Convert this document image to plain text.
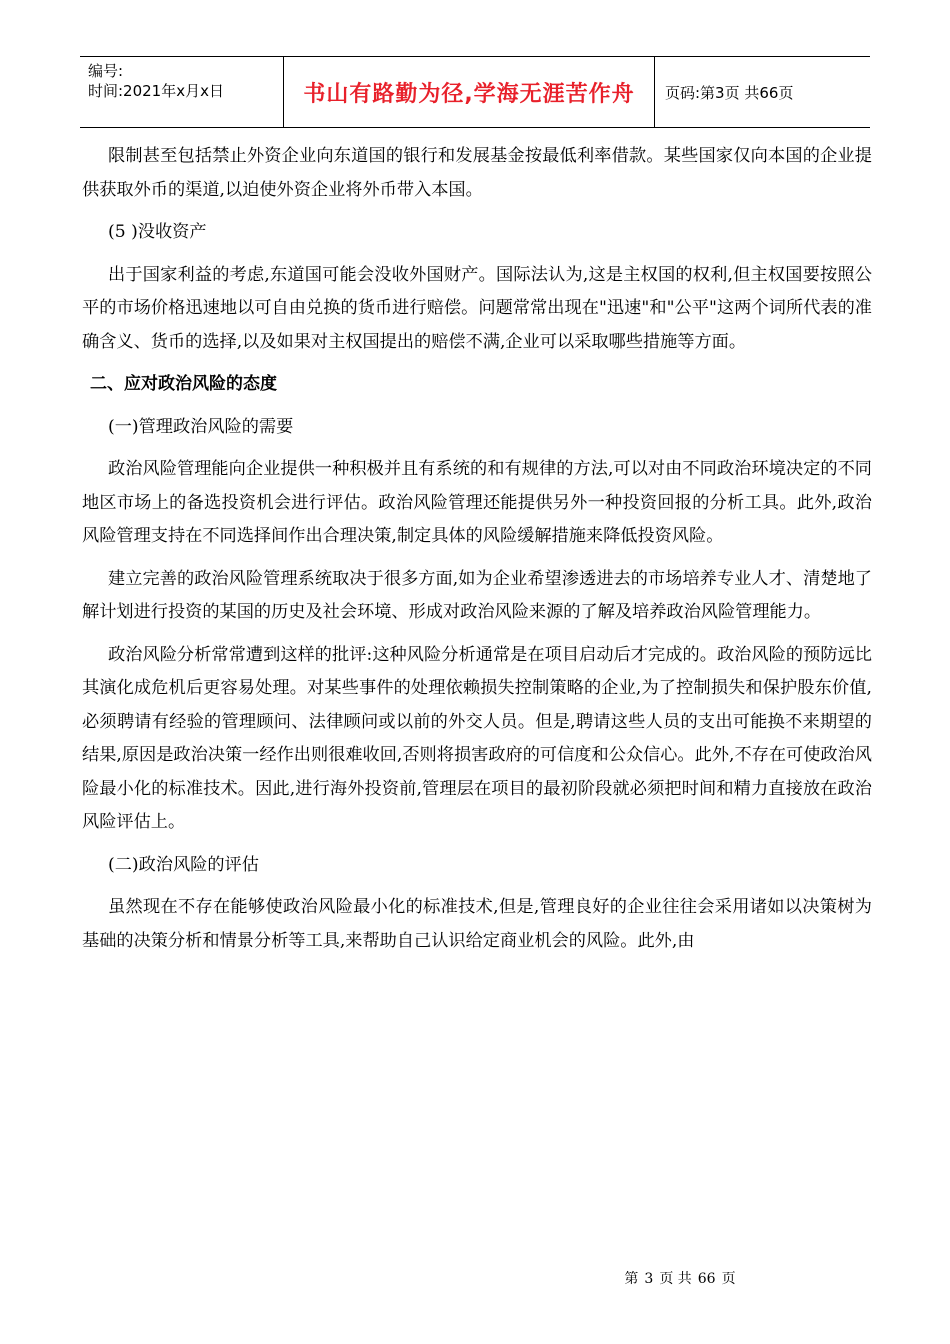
编号:
时间:2021年x月x日	书山有路勤为径,学海无涯苦作舟	页码:第3页 共66页

限制甚至包括禁止外资企业向东道国的银行和发展基金按最低利率借款。某些国家仅向本国的企业提供获取外币的渠道,以迫使外资企业将外币带入本国。

(5 )没收资产

出于国家利益的考虑,东道国可能会没收外国财产。国际法认为,这是主权国的权利,但主权国要按照公平的市场价格迅速地以可自由兑换的货币进行赔偿。问题常常出现在"迅速"和"公平"这两个词所代表的准确含义、货币的选择,以及如果对主权国提出的赔偿不满,企业可以采取哪些措施等方面。

二、应对政治风险的态度

(一)管理政治风险的需要

政治风险管理能向企业提供一种积极并且有系统的和有规律的方法,可以对由不同政治环境决定的不同地区市场上的备选投资机会进行评估。政治风险管理还能提供另外一种投资回报的分析工具。此外,政治风险管理支持在不同选择间作出合理决策,制定具体的风险缓解措施来降低投资风险。

建立完善的政治风险管理系统取决于很多方面,如为企业希望渗透进去的市场培养专业人才、清楚地了解计划进行投资的某国的历史及社会环境、形成对政治风险来源的了解及培养政治风险管理能力。

政治风险分析常常遭到这样的批评:这种风险分析通常是在项目启动后才完成的。政治风险的预防远比其演化成危机后更容易处理。对某些事件的处理依赖损失控制策略的企业,为了控制损失和保护股东价值,必须聘请有经验的管理顾问、法律顾问或以前的外交人员。但是,聘请这些人员的支出可能换不来期望的结果,原因是政治决策一经作出则很难收回,否则将损害政府的可信度和公众信心。此外,不存在可使政治风险最小化的标准技术。因此,进行海外投资前,管理层在项目的最初阶段就必须把时间和精力直接放在政治风险评估上。

(二)政治风险的评估

虽然现在不存在能够使政治风险最小化的标准技术,但是,管理良好的企业往往会采用诸如以决策树为基础的决策分析和情景分析等工具,来帮助自己认识给定商业机会的风险。此外,由

第 3 页 共 66 页
